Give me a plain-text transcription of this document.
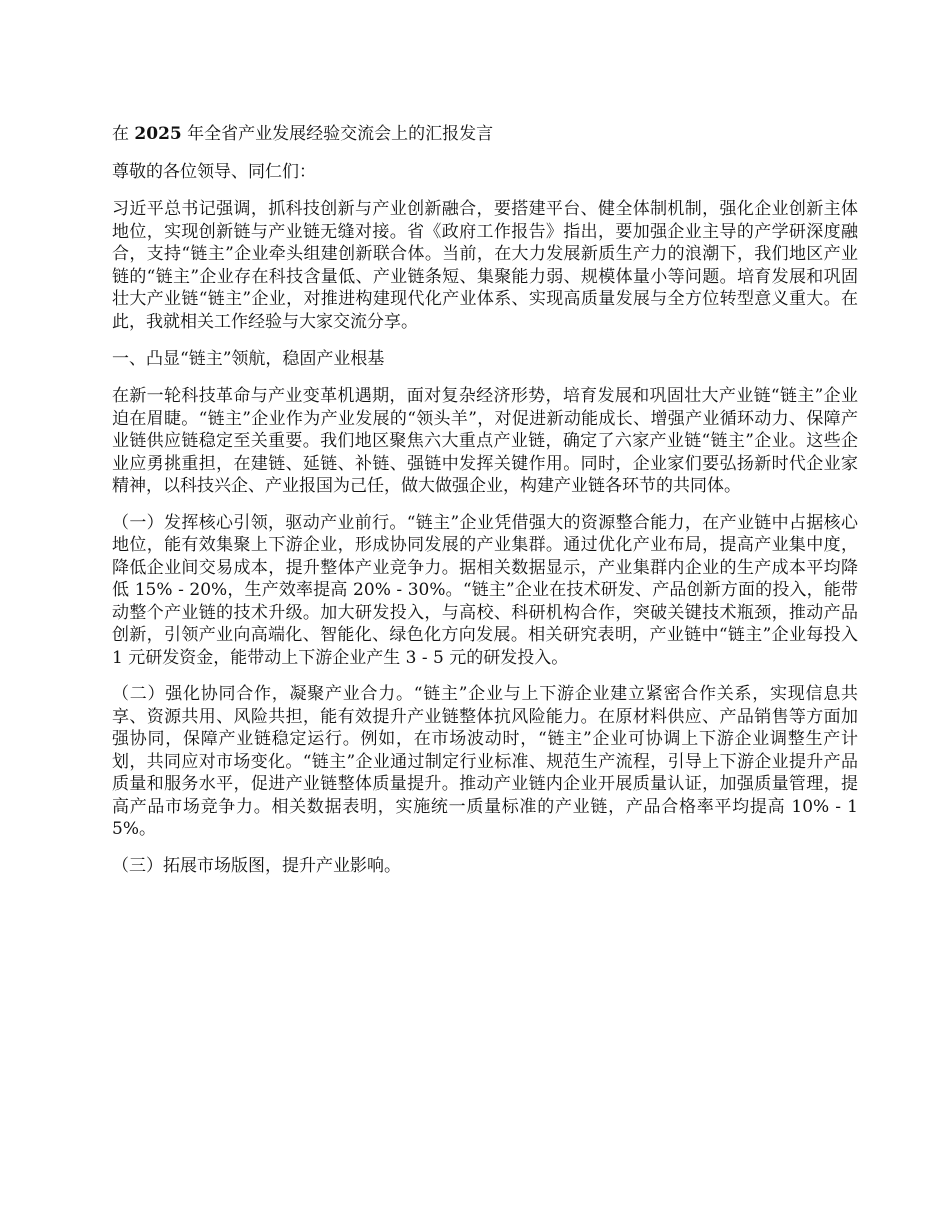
在 2025 年全省产业发展经验交流会上的汇报发言

尊敬的各位领导、同仁们：

习近平总书记强调，抓科技创新与产业创新融合，要搭建平台、健全体制机制，强化企业创新主体地位，实现创新链与产业链无缝对接。省《政府工作报告》指出，要加强企业主导的产学研深度融合，支持“链主”企业牵头组建创新联合体。当前，在大力发展新质生产力的浪潮下，我们地区产业链的“链主”企业存在科技含量低、产业链条短、集聚能力弱、规模体量小等问题。培育发展和巩固壮大产业链“链主”企业，对推进构建现代化产业体系、实现高质量发展与全方位转型意义重大。在此，我就相关工作经验与大家交流分享。

一、凸显“链主”领航，稳固产业根基

在新一轮科技革命与产业变革机遇期，面对复杂经济形势，培育发展和巩固壮大产业链“链主”企业迫在眉睫。“链主”企业作为产业发展的“领头羊”，对促进新动能成长、增强产业循环动力、保障产业链供应链稳定至关重要。我们地区聚焦六大重点产业链，确定了六家产业链“链主”企业。这些企业应勇挑重担，在建链、延链、补链、强链中发挥关键作用。同时，企业家们要弘扬新时代企业家精神，以科技兴企、产业报国为己任，做大做强企业，构建产业链各环节的共同体。

（一）发挥核心引领，驱动产业前行。“链主”企业凭借强大的资源整合能力，在产业链中占据核心地位，能有效集聚上下游企业，形成协同发展的产业集群。通过优化产业布局，提高产业集中度，降低企业间交易成本，提升整体产业竞争力。据相关数据显示，产业集群内企业的生产成本平均降低 15% - 20%，生产效率提高 20% - 30%。“链主”企业在技术研发、产品创新方面的投入，能带动整个产业链的技术升级。加大研发投入，与高校、科研机构合作，突破关键技术瓶颈，推动产品创新，引领产业向高端化、智能化、绿色化方向发展。相关研究表明，产业链中“链主”企业每投入 1 元研发资金，能带动上下游企业产生 3 - 5 元的研发投入。

（二）强化协同合作，凝聚产业合力。“链主”企业与上下游企业建立紧密合作关系，实现信息共享、资源共用、风险共担，能有效提升产业链整体抗风险能力。在原材料供应、产品销售等方面加强协同，保障产业链稳定运行。例如，在市场波动时，“链主”企业可协调上下游企业调整生产计划，共同应对市场变化。“链主”企业通过制定行业标准、规范生产流程，引导上下游企业提升产品质量和服务水平，促进产业链整体质量提升。推动产业链内企业开展质量认证，加强质量管理，提高产品市场竞争力。相关数据表明，实施统一质量标准的产业链，产品合格率平均提高 10% - 15%。

（三）拓展市场版图，提升产业影响。
